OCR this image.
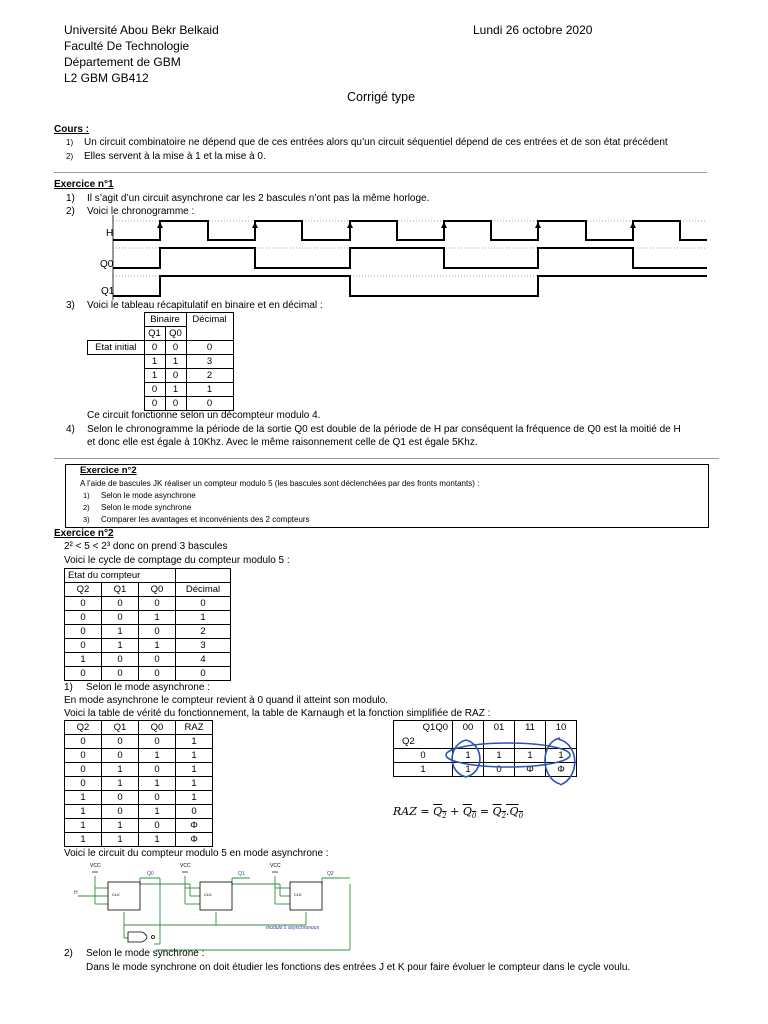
Université Abou Bekr Belkaid
Faculté De Technologie
Département de GBM
L2 GBM GB412
Lundi 26 octobre 2020
Corrigé type
Cours :
1) Un circuit combinatoire ne dépend que de ces entrées alors qu’un circuit séquentiel dépend de ces entrées et de son état précédent
2) Elles servent à la mise à 1 et la mise à 0.
Exercice n°1
1) Il s’agit d’un circuit asynchrone car les 2 bascules n’ont pas la même horloge.
2) Voici le chronogramme :
H
Q0
Q1
3) Voici le tableau récapitulatif en binaire et en décimal :
	Binaire		Décimal
	Q1	Q0	
Etat initial	0	0	0
	1	1	3
	1	0	2
	0	1	1
	0	0	0
Ce circuit fonctionne selon un décompteur modulo 4.
4) Selon le chronogramme la période de la sortie Q0 est double de la période de H par conséquent la fréquence de Q0 est la moitié de H
et donc elle est égale à 10Khz. Avec le même raisonnement celle de Q1 est égale 5Khz.
Exercice n°2
A l’aide de bascules JK réaliser un compteur modulo 5 (les bascules sont déclenchées par des fronts montants) :
1) Selon le mode asynchrone
2) Selon le mode synchrone
3) Comparer les avantages et inconvénients des 2 compteurs
Exercice n°2
2² < 5 < 2³ donc on prend 3 bascules
Voici le cycle de comptage du compteur modulo 5 :
Etat du compteur			
Q2	Q1	Q0	Décimal
0	0	0	0
0	0	1	1
0	1	0	2
0	1	1	3
1	0	0	4
0	0	0	0
1) Selon le mode asynchrone :
En mode asynchrone le compteur revient à 0 quand il atteint son modulo.
Voici la table de vérité du fonctionnement, la table de Karnaugh et la fonction simplifiée de RAZ :
Q2	Q1	Q0	RAZ
0	0	0	1
0	0	1	1
0	1	0	1
0	1	1	1
1	0	0	1
1	0	1	0
1	1	0	Φ
1	1	1	Φ
Q1Q0
Q2	00	01	11	10

0	1	1	1	1
1	1	0	Φ	Φ
RAZ = $Q_2 + Q_0 = Q_2.Q_0$
Voici le circuit du compteur modulo 5 en mode asynchrone :
VCC	VCC	VCC
H
Q0	Q1	Q2
CLK	CLK	CLK
modulo 5 asynchronous
2) Selon le mode synchrone :
Dans le mode synchrone on doit étudier les fonctions des entrées J et K pour faire évoluer le compteur dans le cycle voulu.
